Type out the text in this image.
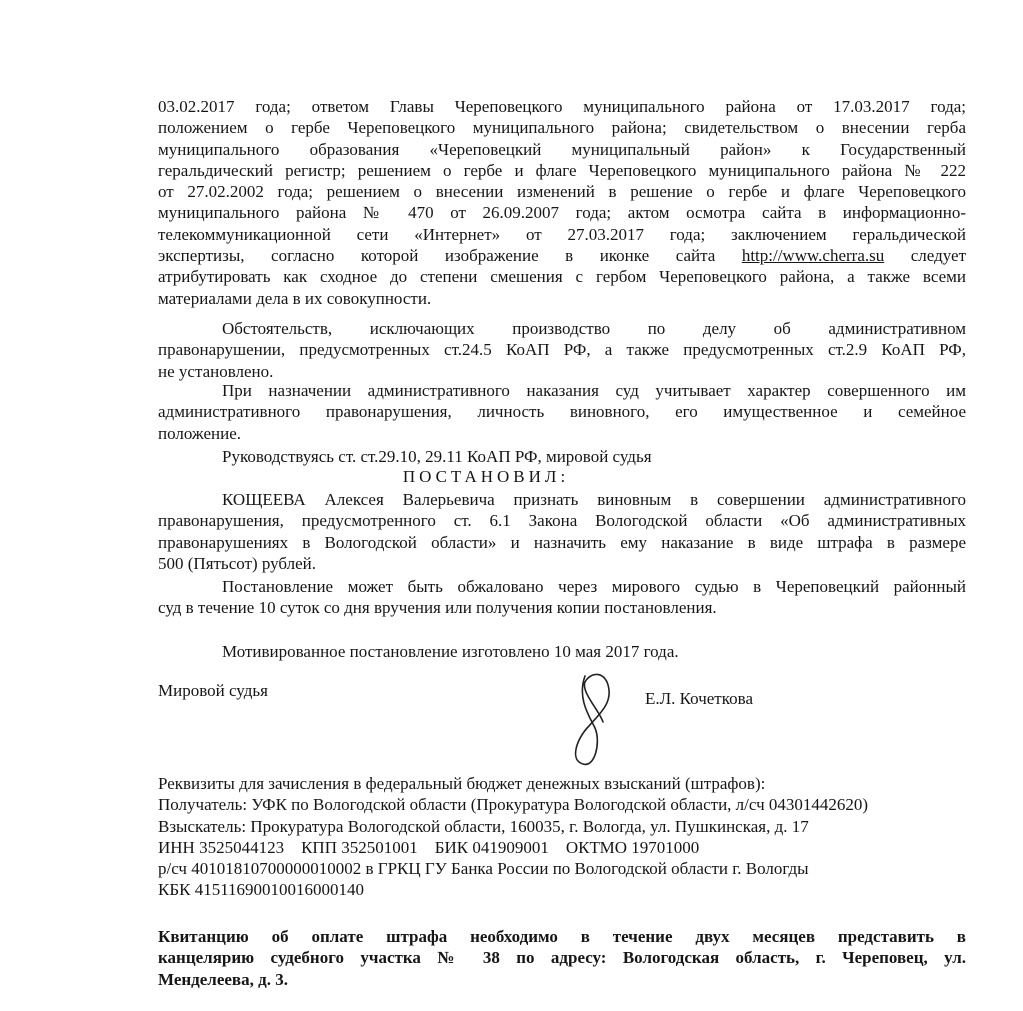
03.02.2017 года; ответом Главы Череповецкого муниципального района от 17.03.2017 года;
положением о гербе Череповецкого муниципального района; свидетельством о внесении герба
муниципального образования «Череповецкий муниципальный район» к Государственный
геральдический регистр; решением о гербе и флаге Череповецкого муниципального района № 222
от 27.02.2002 года; решением о внесении изменений в решение о гербе и флаге Череповецкого
муниципального района № 470 от 26.09.2007 года; актом осмотра сайта в информационно-
телекоммуникационной сети «Интернет» от 27.03.2017 года; заключением геральдической
экспертизы, согласно которой изображение в иконке сайта http://www.cherra.su следует
атрибутировать как сходное до степени смешения с гербом Череповецкого района, а также всеми
материалами дела в их совокупности.
Обстоятельств, исключающих производство по делу об административном
правонарушении, предусмотренных ст.24.5 КоАП РФ, а также предусмотренных ст.2.9 КоАП РФ,
не установлено.
При назначении административного наказания суд учитывает характер совершенного им
административного правонарушения, личность виновного, его имущественное и семейное
положение.
Руководствуясь ст. ст.29.10, 29.11 КоАП РФ, мировой судья
ПОСТАНОВИЛ:
КОЩЕЕВА Алексея Валерьевича признать виновным в совершении административного
правонарушения, предусмотренного ст. 6.1 Закона Вологодской области «Об административных
правонарушениях в Вологодской области» и назначить ему наказание в виде штрафа в размере
500 (Пятьсот) рублей.
Постановление может быть обжаловано через мирового судью в Череповецкий районный
суд в течение 10 суток со дня вручения или получения копии постановления.
Мотивированное постановление изготовлено 10 мая 2017 года.
Мировой судья	Е.Л. Кочеткова
Реквизиты для зачисления в федеральный бюджет денежных взысканий (штрафов):
Получатель: УФК по Вологодской области (Прокуратура Вологодской области, л/сч 04301442620)
Взыскатель: Прокуратура Вологодской области, 160035, г. Вологда, ул. Пушкинская, д. 17
ИНН 3525044123 КПП 352501001 БИК 041909001 ОКТМО 19701000
р/сч 40101810700000010002 в ГРКЦ ГУ Банка России по Вологодской области г. Вологды
КБК 41511690010016000140
Квитанцию об оплате штрафа необходимо в течение двух месяцев представить в
канцелярию судебного участка № 38 по адресу: Вологодская область, г. Череповец, ул.
Менделеева, д. 3.
